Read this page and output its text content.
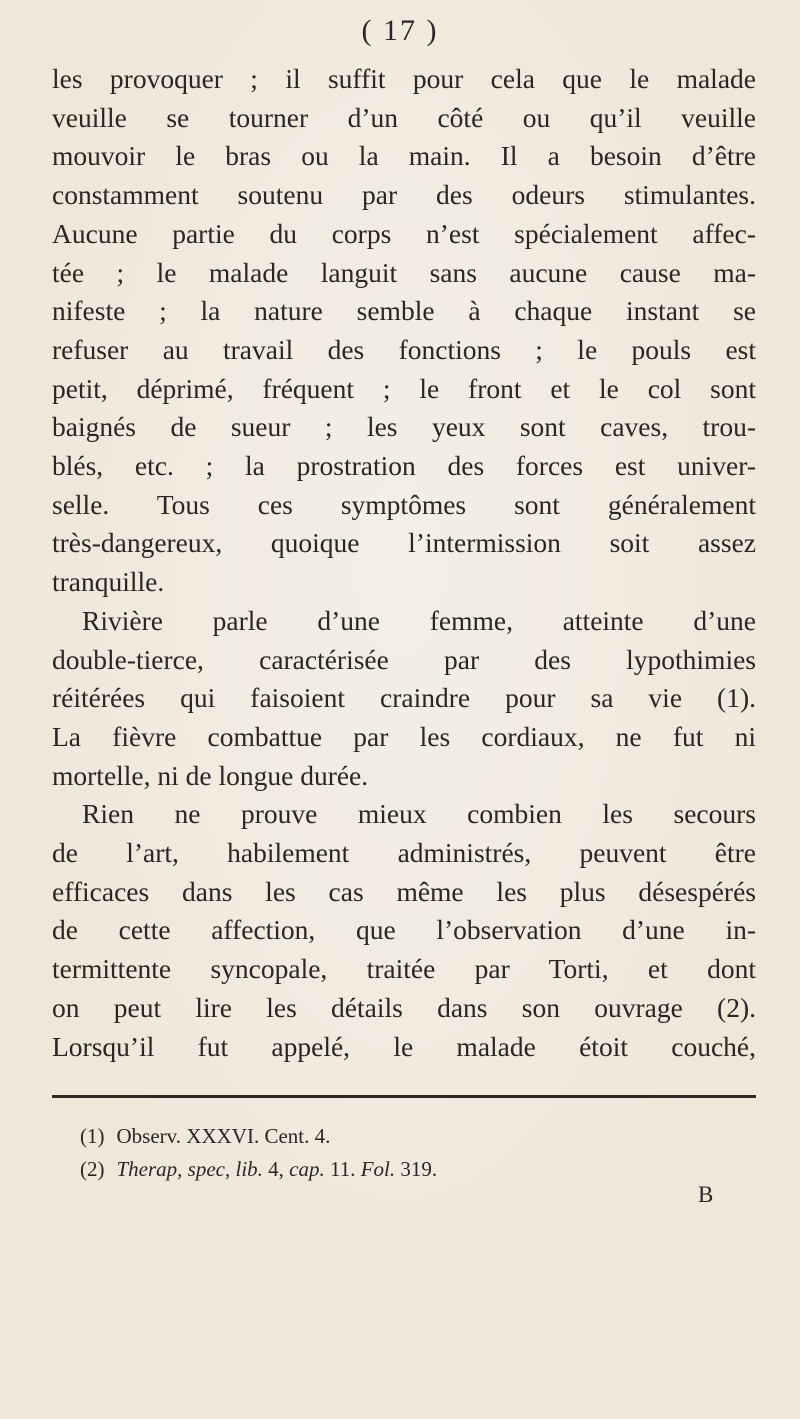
( 17 )
les provoquer ; il suffit pour cela que le malade
veuille se tourner d’un côté ou qu’il veuille
mouvoir le bras ou la main. Il a besoin d’être
constamment soutenu par des odeurs stimulantes.
Aucune partie du corps n’est spécialement affec-
tée ; le malade languit sans aucune cause ma-
nifeste ; la nature semble à chaque instant se
refuser au travail des fonctions ; le pouls est
petit, déprimé, fréquent ; le front et le col sont
baignés de sueur ; les yeux sont caves, trou-
blés, etc. ; la prostration des forces est univer-
selle. Tous ces symptômes sont généralement
très-dangereux, quoique l’intermission soit assez
tranquille.
Rivière parle d’une femme, atteinte d’une
double-tierce, caractérisée par des lypothimies
réitérées qui faisoient craindre pour sa vie (1).
La fièvre combattue par les cordiaux, ne fut ni
mortelle, ni de longue durée.
Rien ne prouve mieux combien les secours
de l’art, habilement administrés, peuvent être
efficaces dans les cas même les plus désespérés
de cette affection, que l’observation d’une in-
termittente syncopale, traitée par Torti, et dont
on peut lire les détails dans son ouvrage (2).
Lorsqu’il fut appelé, le malade étoit couché,
(1) Observ. XXXVI. Cent. 4.
(2) Therap, spec, lib. 4, cap. 11. Fol. 319.
B
